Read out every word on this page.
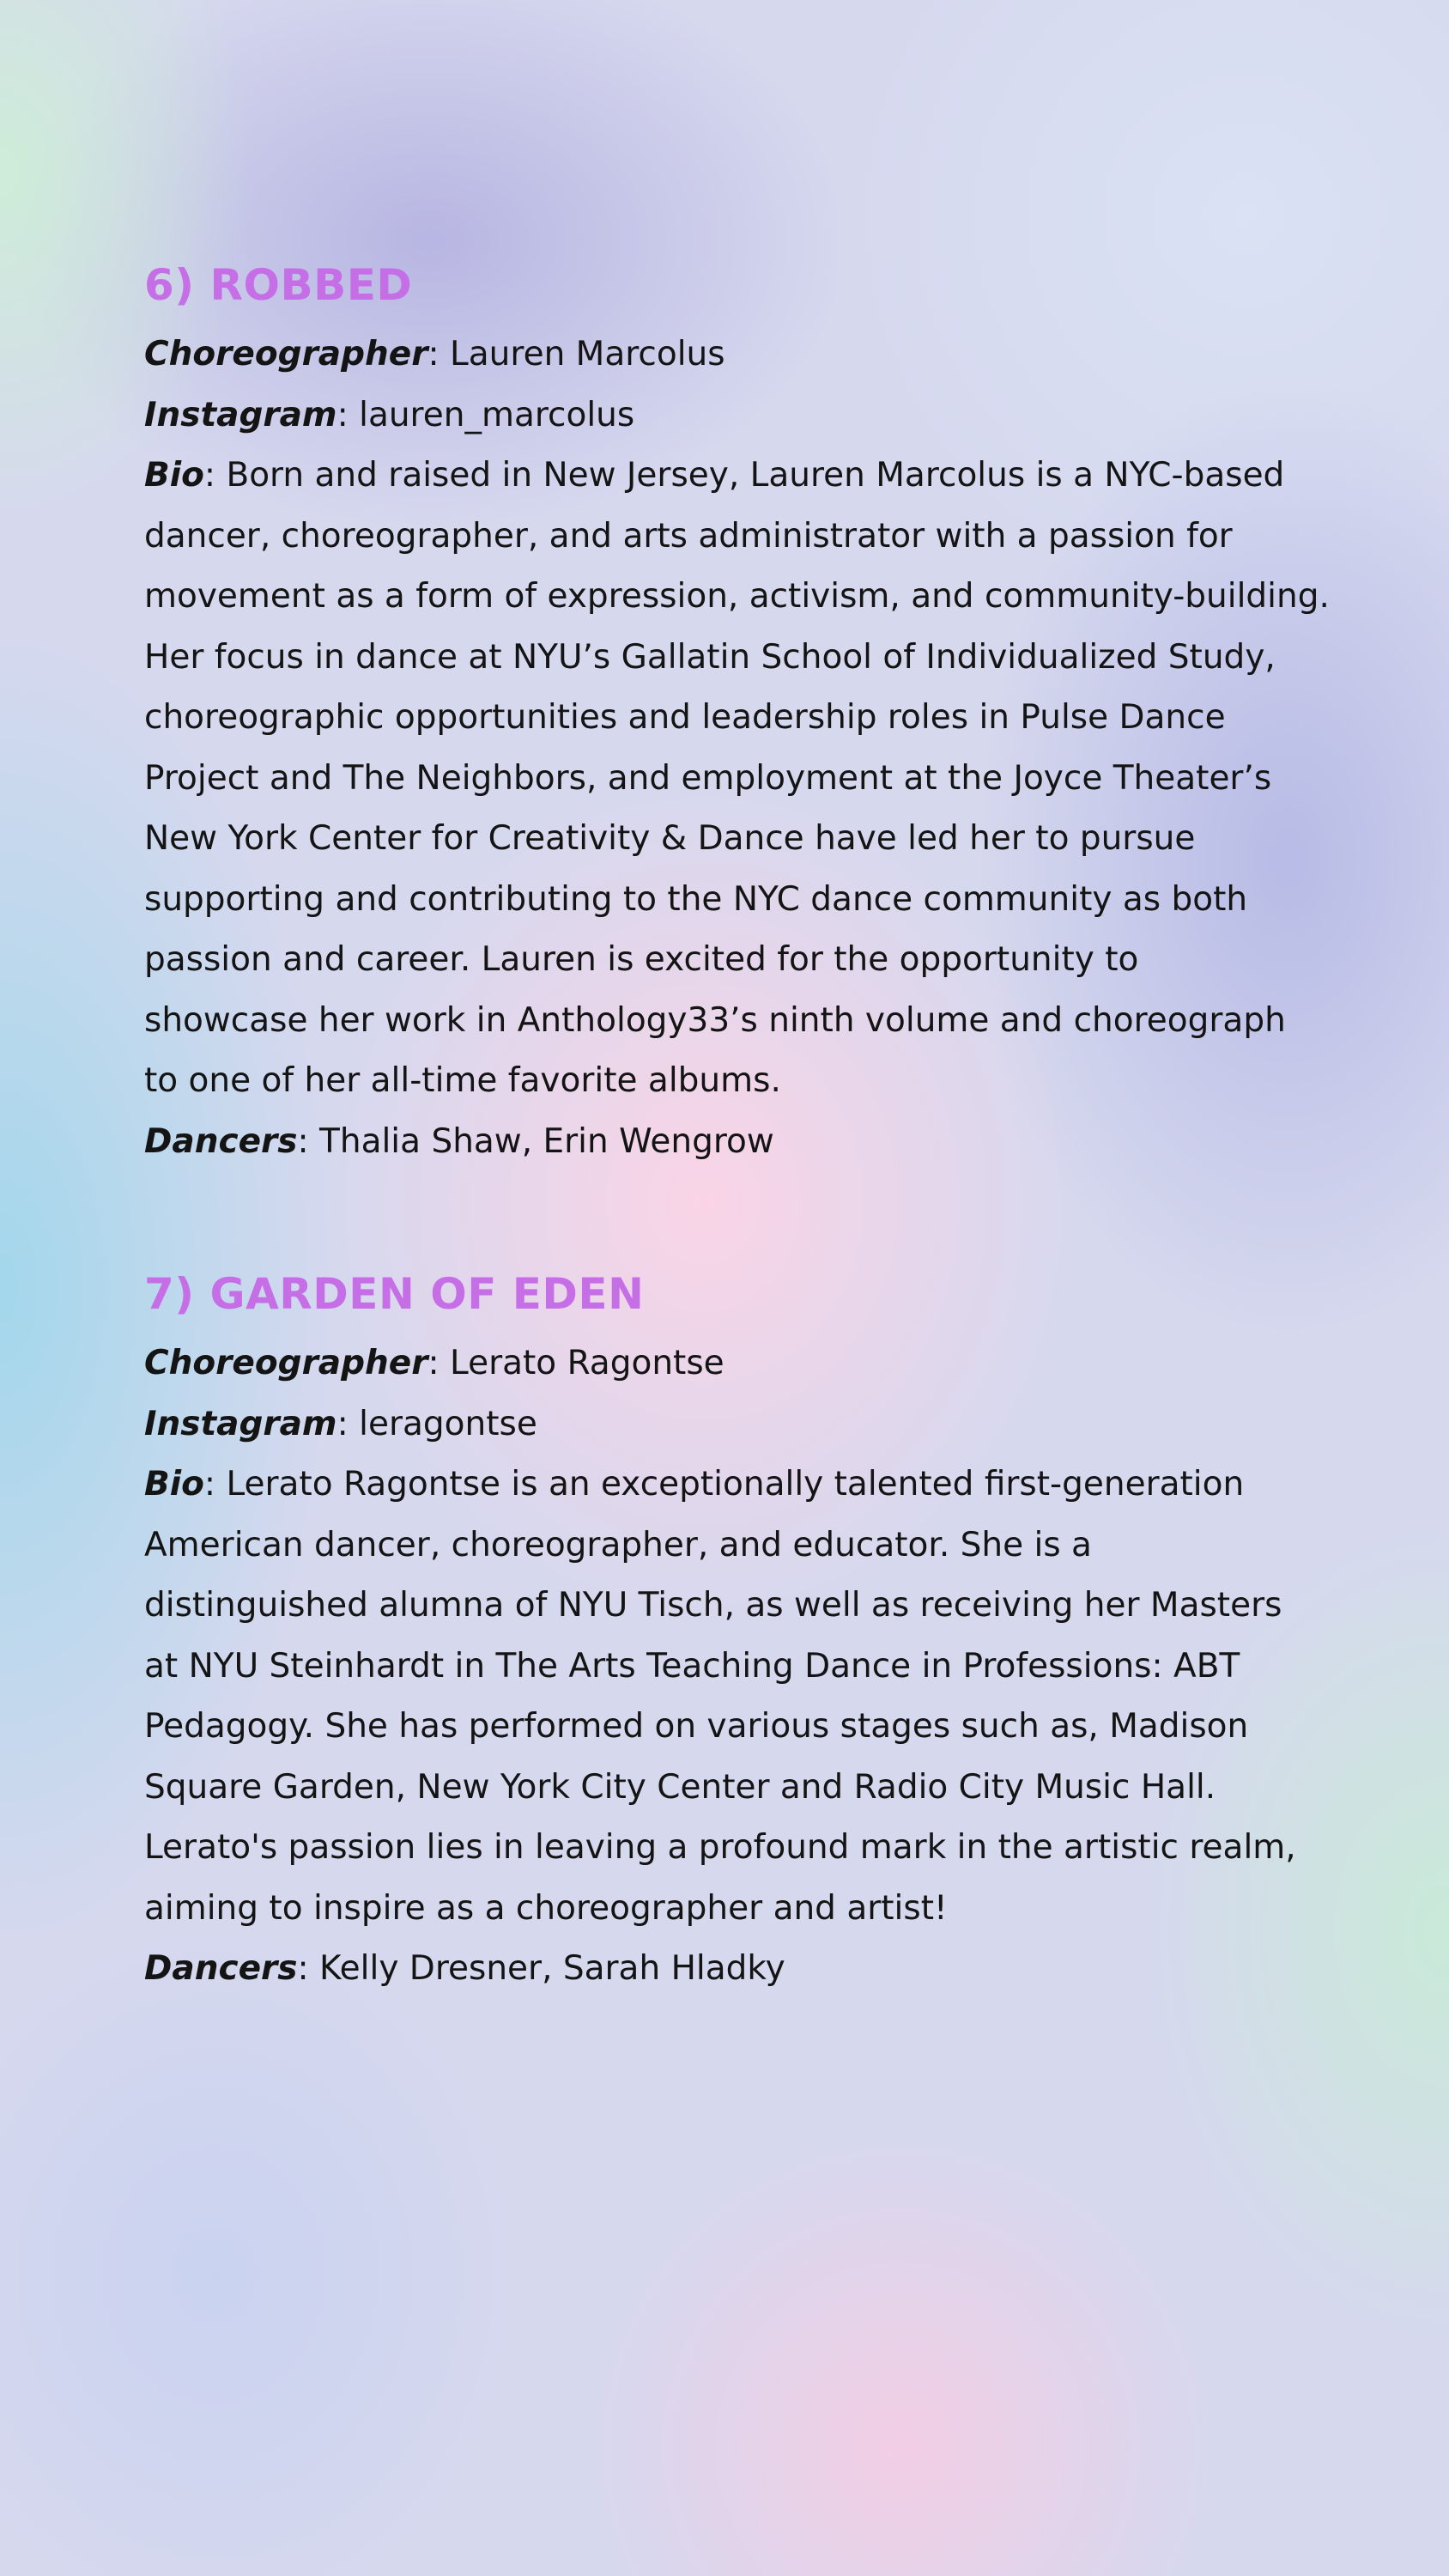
6) ROBBED

Choreographer: Lauren Marcolus

Instagram: lauren_marcolus

Bio: Born and raised in New Jersey, Lauren Marcolus is a NYC-based
dancer, choreographer, and arts administrator with a passion for
movement as a form of expression, activism, and community-building.
Her focus in dance at NYU’s Gallatin School of Individualized Study,
choreographic opportunities and leadership roles in Pulse Dance
Project and The Neighbors, and employment at the Joyce Theater’s
New York Center for Creativity & Dance have led her to pursue
supporting and contributing to the NYC dance community as both
passion and career. Lauren is excited for the opportunity to
showcase her work in Anthology33’s ninth volume and choreograph
to one of her all-time favorite albums.

Dancers: Thalia Shaw, Erin Wengrow

7) GARDEN OF EDEN

Choreographer: Lerato Ragontse

Instagram: leragontse

Bio: Lerato Ragontse is an exceptionally talented first-generation
American dancer, choreographer, and educator. She is a
distinguished alumna of NYU Tisch, as well as receiving her Masters
at NYU Steinhardt in The Arts Teaching Dance in Professions: ABT
Pedagogy. She has performed on various stages such as, Madison
Square Garden, New York City Center and Radio City Music Hall.
Lerato's passion lies in leaving a profound mark in the artistic realm,
aiming to inspire as a choreographer and artist!

Dancers: Kelly Dresner, Sarah Hladky
